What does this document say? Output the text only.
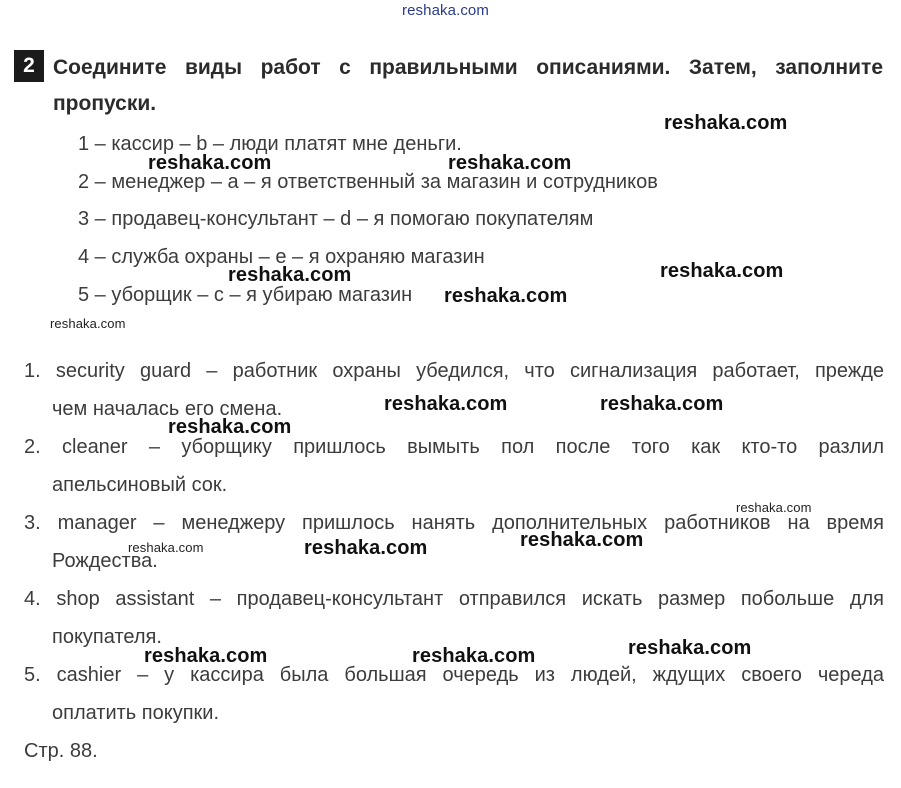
reshaka.com
reshaka.com
reshaka.com	reshaka.com
reshaka.com
reshaka.com
reshaka.com
reshaka.com
reshaka.com	reshaka.com
reshaka.com
reshaka.com
reshaka.com
reshaka.com	reshaka.com
reshaka.com
reshaka.com	reshaka.com
2 Соедините виды работ с правильными описаниями. Затем, заполните пропуски.
1 – кассир – b – люди платят мне деньги.
2 – менеджер – a – я ответственный за магазин и сотрудников
3 – продавец-консультант – d – я помогаю покупателям
4 – служба охраны – e – я охраняю магазин
5 – уборщик – c – я убираю магазин
1. security guard – работник охраны убедился, что сигнализация работает, прежде
чем началась его смена.
2. cleaner – уборщику пришлось вымыть пол после того как кто-то разлил
апельсиновый сок.
3. manager – менеджеру пришлось нанять дополнительных работников на время
Рождества.
4. shop assistant – продавец-консультант отправился искать размер побольше для
покупателя.
5. cashier – у кассира была большая очередь из людей, ждущих своего череда
оплатить покупки.
Стр. 88.
